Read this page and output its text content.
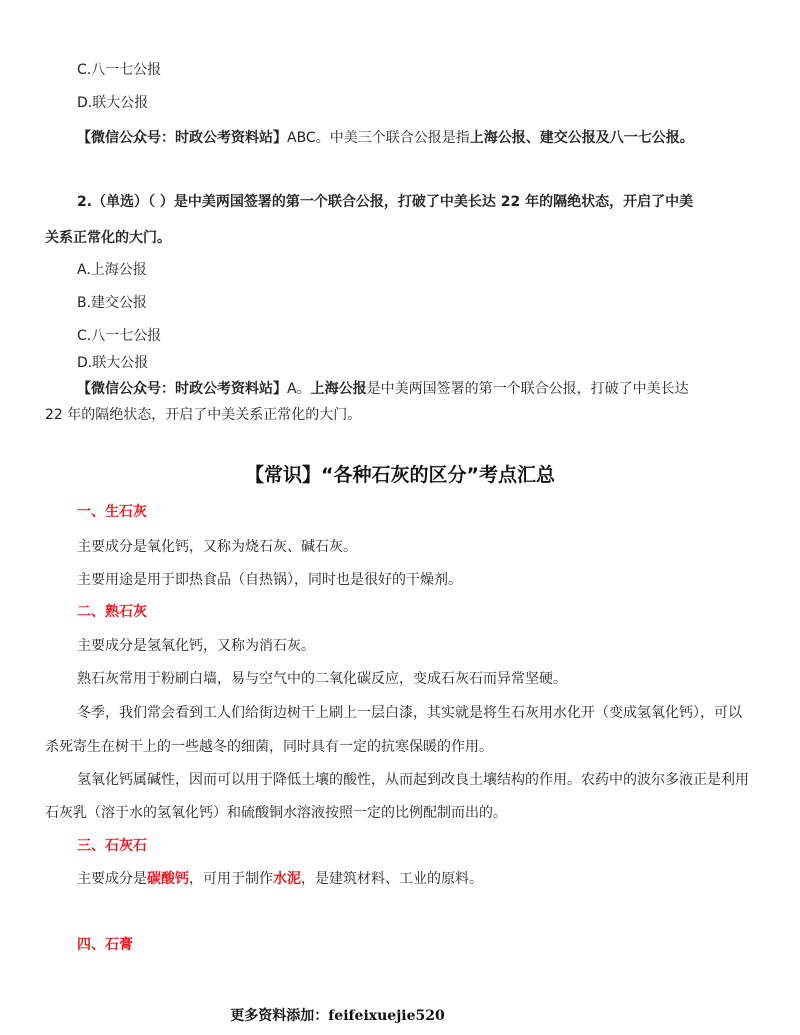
C.八一七公报
D.联大公报
【微信公众号：时政公考资料站】ABC。中美三个联合公报是指上海公报、建交公报及八一七公报。
2.（单选）（ ）是中美两国签署的第一个联合公报，打破了中美长达 22 年的隔绝状态，开启了中美
关系正常化的大门。
A.上海公报
B.建交公报
C.八一七公报
D.联大公报
【微信公众号：时政公考资料站】A。上海公报是中美两国签署的第一个联合公报，打破了中美长达
22 年的隔绝状态，开启了中美关系正常化的大门。
【常识】“各种石灰的区分”考点汇总
一、生石灰
主要成分是氧化钙，又称为烧石灰、碱石灰。
主要用途是用于即热食品（自热锅），同时也是很好的干燥剂。
二、熟石灰
主要成分是氢氧化钙，又称为消石灰。
熟石灰常用于粉刷白墙，易与空气中的二氧化碳反应，变成石灰石而异常坚硬。
冬季，我们常会看到工人们给街边树干上刷上一层白漆，其实就是将生石灰用水化开（变成氢氧化钙），可以
杀死寄生在树干上的一些越冬的细菌，同时具有一定的抗寒保暖的作用。
氢氧化钙属碱性，因而可以用于降低土壤的酸性，从而起到改良土壤结构的作用。农药中的波尔多液正是利用
石灰乳（溶于水的氢氧化钙）和硫酸铜水溶液按照一定的比例配制而出的。
三、石灰石
主要成分是碳酸钙，可用于制作水泥，是建筑材料、工业的原料。
四、石膏
更多资料添加：feifeixuejie520
